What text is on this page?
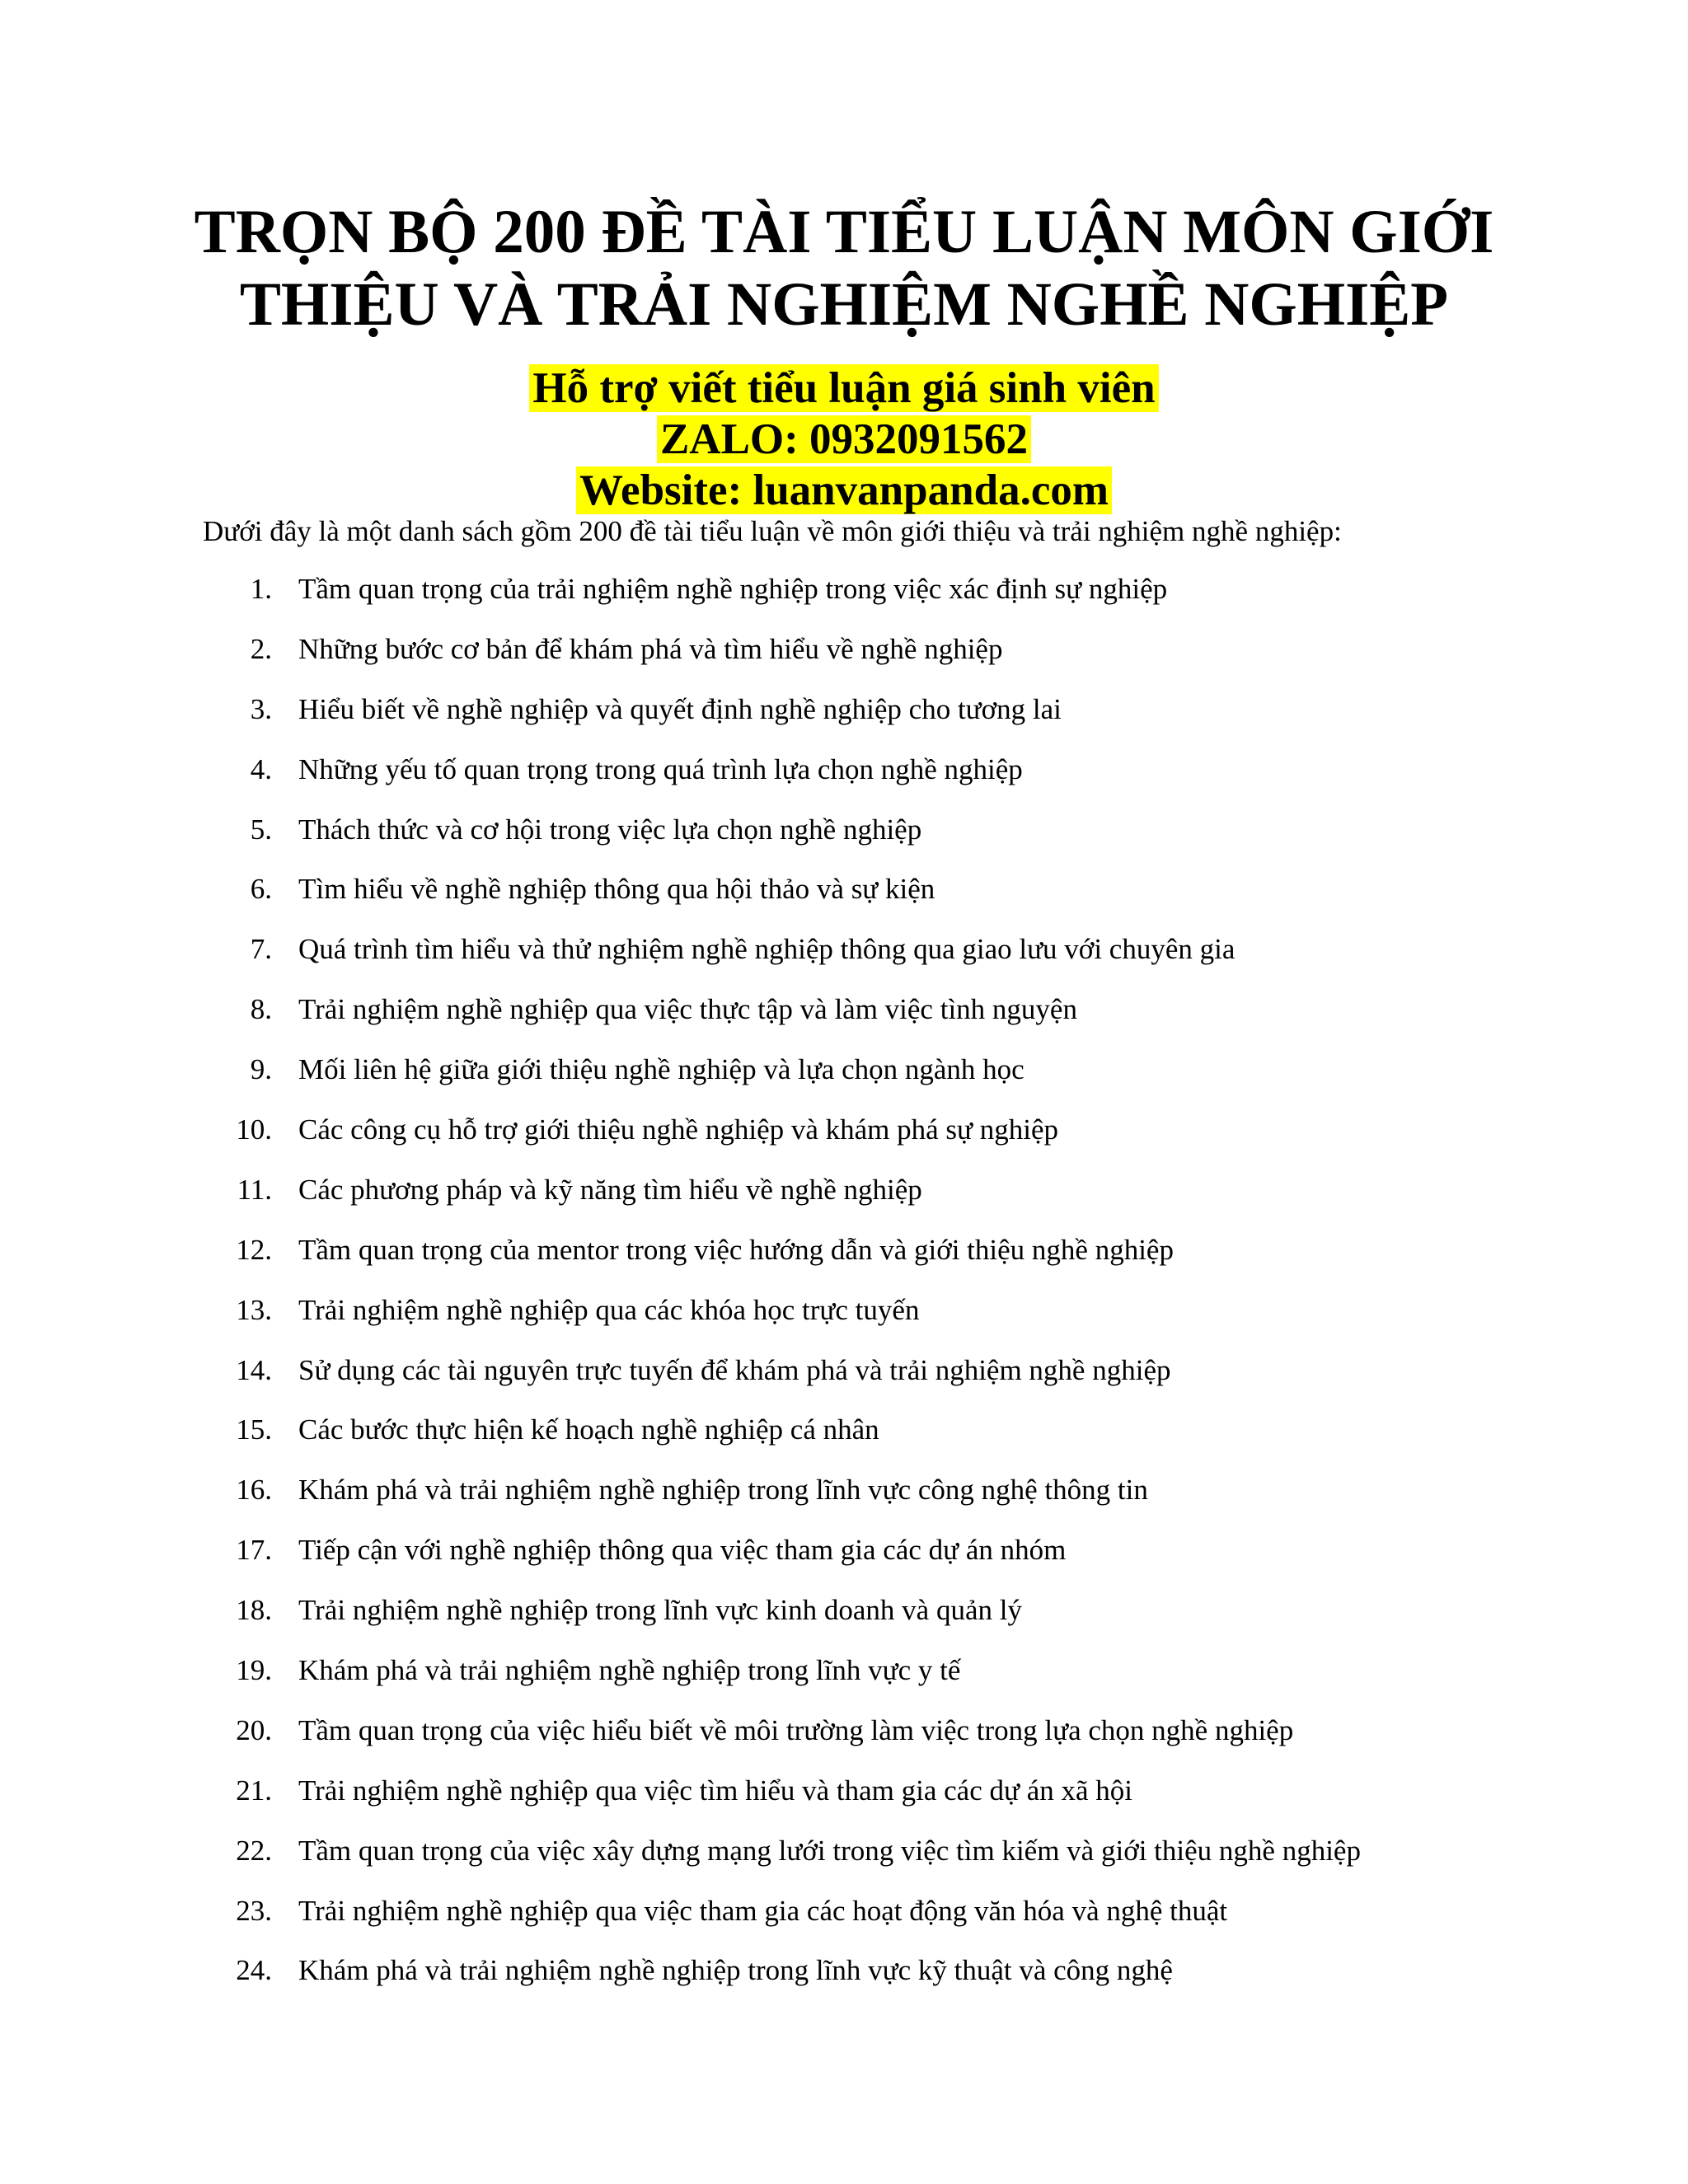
TRỌN BỘ 200 ĐỀ TÀI TIỂU LUẬN MÔN GIỚI
THIỆU VÀ TRẢI NGHIỆM NGHỀ NGHIỆP
Hỗ trợ viết tiểu luận giá sinh viên
ZALO: 0932091562
Website: luanvanpanda.com

Dưới đây là một danh sách gồm 200 đề tài tiểu luận về môn giới thiệu và trải nghiệm nghề nghiệp:

1. Tầm quan trọng của trải nghiệm nghề nghiệp trong việc xác định sự nghiệp
2. Những bước cơ bản để khám phá và tìm hiểu về nghề nghiệp
3. Hiểu biết về nghề nghiệp và quyết định nghề nghiệp cho tương lai
4. Những yếu tố quan trọng trong quá trình lựa chọn nghề nghiệp
5. Thách thức và cơ hội trong việc lựa chọn nghề nghiệp
6. Tìm hiểu về nghề nghiệp thông qua hội thảo và sự kiện
7. Quá trình tìm hiểu và thử nghiệm nghề nghiệp thông qua giao lưu với chuyên gia
8. Trải nghiệm nghề nghiệp qua việc thực tập và làm việc tình nguyện
9. Mối liên hệ giữa giới thiệu nghề nghiệp và lựa chọn ngành học
10. Các công cụ hỗ trợ giới thiệu nghề nghiệp và khám phá sự nghiệp
11. Các phương pháp và kỹ năng tìm hiểu về nghề nghiệp
12. Tầm quan trọng của mentor trong việc hướng dẫn và giới thiệu nghề nghiệp
13. Trải nghiệm nghề nghiệp qua các khóa học trực tuyến
14. Sử dụng các tài nguyên trực tuyến để khám phá và trải nghiệm nghề nghiệp
15. Các bước thực hiện kế hoạch nghề nghiệp cá nhân
16. Khám phá và trải nghiệm nghề nghiệp trong lĩnh vực công nghệ thông tin
17. Tiếp cận với nghề nghiệp thông qua việc tham gia các dự án nhóm
18. Trải nghiệm nghề nghiệp trong lĩnh vực kinh doanh và quản lý
19. Khám phá và trải nghiệm nghề nghiệp trong lĩnh vực y tế
20. Tầm quan trọng của việc hiểu biết về môi trường làm việc trong lựa chọn nghề nghiệp
21. Trải nghiệm nghề nghiệp qua việc tìm hiểu và tham gia các dự án xã hội
22. Tầm quan trọng của việc xây dựng mạng lưới trong việc tìm kiếm và giới thiệu nghề nghiệp
23. Trải nghiệm nghề nghiệp qua việc tham gia các hoạt động văn hóa và nghệ thuật
24. Khám phá và trải nghiệm nghề nghiệp trong lĩnh vực kỹ thuật và công nghệ
